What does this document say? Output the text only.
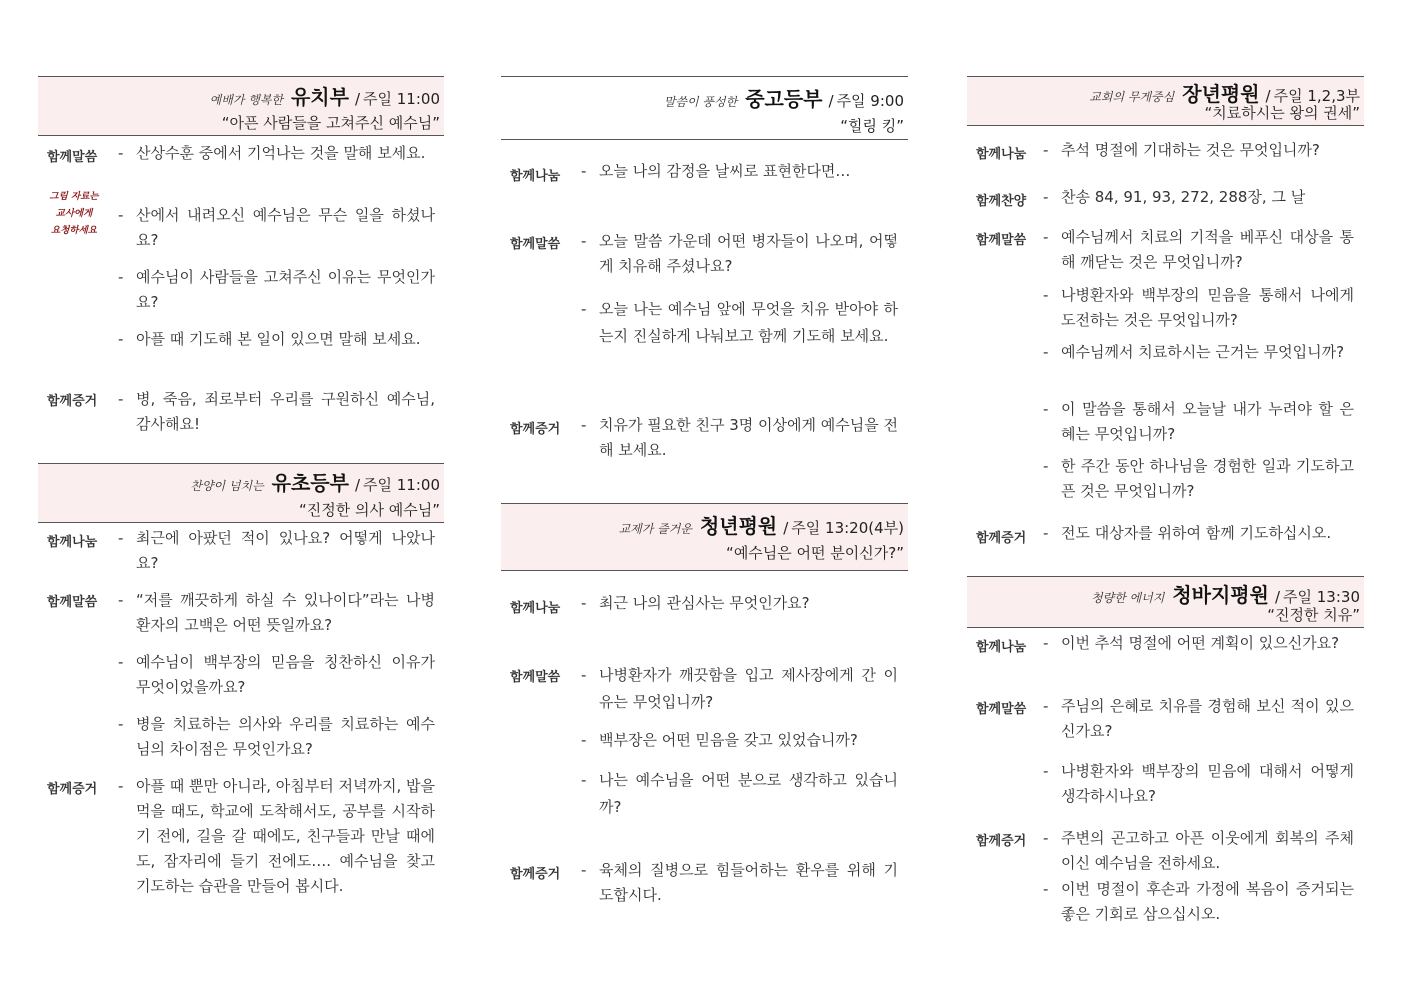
예배가 행복한 유치부 / 주일 11:00
“아픈 사람들을 고쳐주신 예수님”
함께말씀
그림 자료는
교사에게
요청하세요
- 산상수훈 중에서 기억나는 것을 말해 보세요.
- 산에서 내려오신 예수님은 무슨 일을 하셨나요?
- 예수님이 사람들을 고쳐주신 이유는 무엇인가요?
- 아플 때 기도해 본 일이 있으면 말해 보세요.
함께증거 - 병, 죽음, 죄로부터 우리를 구원하신 예수님, 감사해요!
찬양이 넘치는 유초등부 / 주일 11:00
“진정한 의사 예수님”
함께나눔 - 최근에 아팠던 적이 있나요? 어떻게 나았나요?
함께말씀 - “저를 깨끗하게 하실 수 있나이다”라는 나병환자의 고백은 어떤 뜻일까요?
- 예수님이 백부장의 믿음을 칭찬하신 이유가 무엇이었을까요?
- 병을 치료하는 의사와 우리를 치료하는 예수님의 차이점은 무엇인가요?
함께증거 - 아플 때 뿐만 아니라, 아침부터 저녁까지, 밥을 먹을 때도, 학교에 도착해서도, 공부를 시작하기 전에, 길을 갈 때에도, 친구들과 만날 때에도, 잠자리에 들기 전에도…. 예수님을 찾고 기도하는 습관을 만들어 봅시다.
말씀이 풍성한 중고등부 / 주일 9:00
“힐링 킹”
함께나눔 - 오늘 나의 감정을 날씨로 표현한다면…
함께말씀 - 오늘 말씀 가운데 어떤 병자들이 나오며, 어떻게 치유해 주셨나요?
- 오늘 나는 예수님 앞에 무엇을 치유 받아야 하는지 진실하게 나눠보고 함께 기도해 보세요.
함께증거 - 치유가 필요한 친구 3명 이상에게 예수님을 전해 보세요.
교제가 즐거운 청년평원 / 주일 13:20(4부)
“예수님은 어떤 분이신가?”
함께나눔 - 최근 나의 관심사는 무엇인가요?
함께말씀 - 나병환자가 깨끗함을 입고 제사장에게 간 이유는 무엇입니까?
- 백부장은 어떤 믿음을 갖고 있었습니까?
- 나는 예수님을 어떤 분으로 생각하고 있습니까?
함께증거 - 육체의 질병으로 힘들어하는 환우를 위해 기도합시다.
교회의 무게중심 장년평원 / 주일 1,2,3부
“치료하시는 왕의 권세”
함께나눔 - 추석 명절에 기대하는 것은 무엇입니까?
함께찬양 - 찬송 84, 91, 93, 272, 288장, 그 날
함께말씀 - 예수님께서 치료의 기적을 베푸신 대상을 통해 깨닫는 것은 무엇입니까?
- 나병환자와 백부장의 믿음을 통해서 나에게 도전하는 것은 무엇입니까?
- 예수님께서 치료하시는 근거는 무엇입니까?
- 이 말씀을 통해서 오늘날 내가 누려야 할 은혜는 무엇입니까?
- 한 주간 동안 하나님을 경험한 일과 기도하고픈 것은 무엇입니까?
함께증거 - 전도 대상자를 위하여 함께 기도하십시오.
청량한 에너지 청바지평원 / 주일 13:30
“진정한 치유”
함께나눔 - 이번 추석 명절에 어떤 계획이 있으신가요?
함께말씀 - 주님의 은혜로 치유를 경험해 보신 적이 있으신가요?
- 나병환자와 백부장의 믿음에 대해서 어떻게 생각하시나요?
함께증거 - 주변의 곤고하고 아픈 이웃에게 회복의 주체이신 예수님을 전하세요.
- 이번 명절이 후손과 가정에 복음이 증거되는 좋은 기회로 삼으십시오.
